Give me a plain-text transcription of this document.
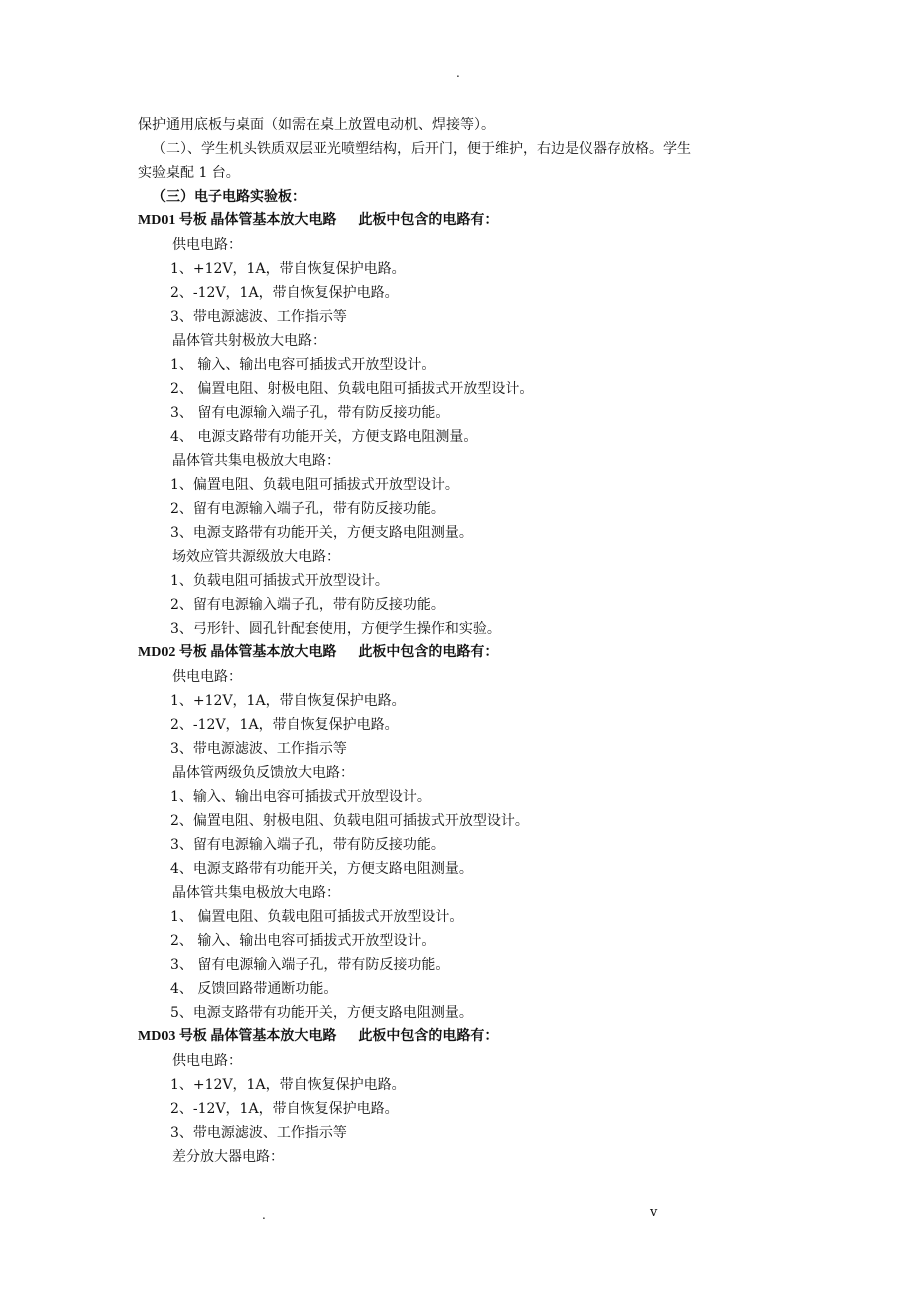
.
保护通用底板与桌面（如需在桌上放置电动机、焊接等）。
（二）、学生机头铁质双层亚光喷塑结构，后开门，便于维护，右边是仪器存放格。学生
实验桌配 1 台。
（三）电子电路实验板：
MD01 号板 晶体管基本放大电路 此板中包含的电路有：
供电电路：
1、+12V，1A，带自恢复保护电路。
2、-12V，1A，带自恢复保护电路。
3、带电源滤波、工作指示等
晶体管共射极放大电路：
1、 输入、输出电容可插拔式开放型设计。
2、 偏置电阻、射极电阻、负载电阻可插拔式开放型设计。
3、 留有电源输入端子孔，带有防反接功能。
4、 电源支路带有功能开关，方便支路电阻测量。
晶体管共集电极放大电路：
1、偏置电阻、负载电阻可插拔式开放型设计。
2、留有电源输入端子孔，带有防反接功能。
3、电源支路带有功能开关，方便支路电阻测量。
场效应管共源级放大电路：
1、负载电阻可插拔式开放型设计。
2、留有电源输入端子孔，带有防反接功能。
3、弓形针、圆孔针配套使用，方便学生操作和实验。
MD02 号板 晶体管基本放大电路 此板中包含的电路有：
供电电路：
1、+12V，1A，带自恢复保护电路。
2、-12V，1A，带自恢复保护电路。
3、带电源滤波、工作指示等
晶体管两级负反馈放大电路：
1、输入、输出电容可插拔式开放型设计。
2、偏置电阻、射极电阻、负载电阻可插拔式开放型设计。
3、留有电源输入端子孔，带有防反接功能。
4、电源支路带有功能开关，方便支路电阻测量。
晶体管共集电极放大电路：
1、 偏置电阻、负载电阻可插拔式开放型设计。
2、 输入、输出电容可插拔式开放型设计。
3、 留有电源输入端子孔，带有防反接功能。
4、 反馈回路带通断功能。
5、电源支路带有功能开关，方便支路电阻测量。
MD03 号板 晶体管基本放大电路 此板中包含的电路有：
供电电路：
1、+12V，1A，带自恢复保护电路。
2、-12V，1A，带自恢复保护电路。
3、带电源滤波、工作指示等
差分放大器电路：
.	v
